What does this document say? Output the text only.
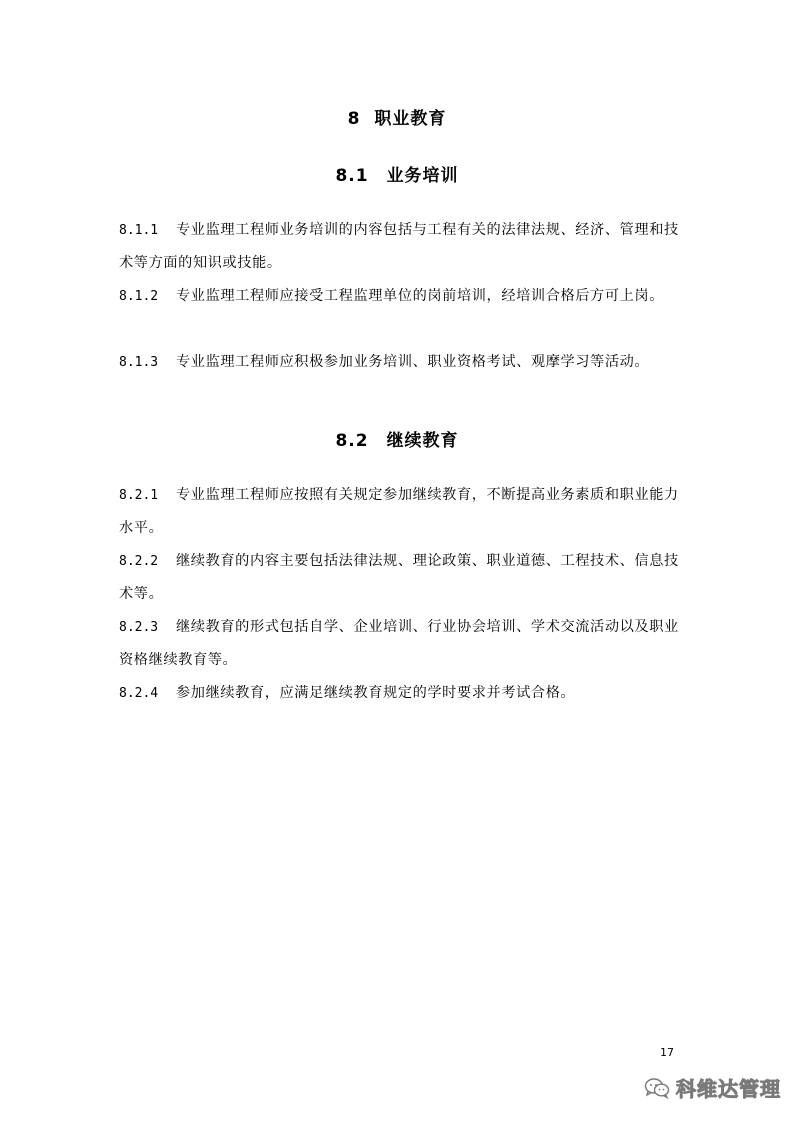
8 职业教育
8.1 业务培训
8.1.1 专业监理工程师业务培训的内容包括与工程有关的法律法规、经济、管理和技术等方面的知识或技能。
8.1.2 专业监理工程师应接受工程监理单位的岗前培训，经培训合格后方可上岗。
8.1.3 专业监理工程师应积极参加业务培训、职业资格考试、观摩学习等活动。
8.2 继续教育
8.2.1 专业监理工程师应按照有关规定参加继续教育，不断提高业务素质和职业能力水平。
8.2.2 继续教育的内容主要包括法律法规、理论政策、职业道德、工程技术、信息技术等。
8.2.3 继续教育的形式包括自学、企业培训、行业协会培训、学术交流活动以及职业资格继续教育等。
8.2.4 参加继续教育，应满足继续教育规定的学时要求并考试合格。
17
科维达管理
